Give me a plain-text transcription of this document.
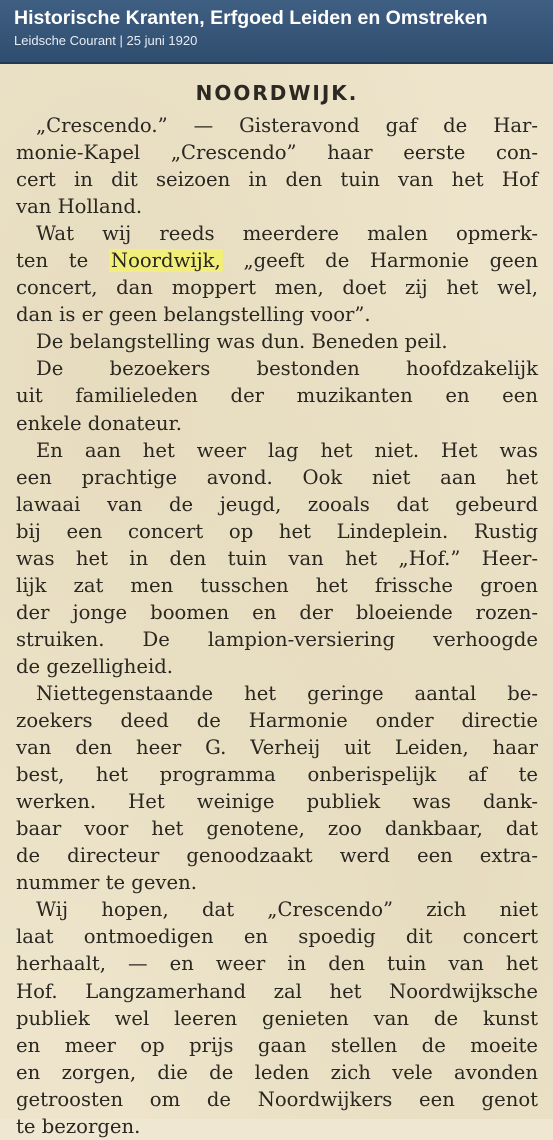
Historische Kranten, Erfgoed Leiden en Omstreken
Leidsche Courant | 25 juni 1920
NOORDWIJK.
„Crescendo.” — Gisteravond gaf de Har-
monie-Kapel „Crescendo” haar eerste con-
cert in dit seizoen in den tuin van het Hof
van Holland.
Wat wij reeds meerdere malen opmerk-
ten te Noordwijk, „geeft de Harmonie geen
concert, dan moppert men, doet zij het wel,
dan is er geen belangstelling voor”.
De belangstelling was dun. Beneden peil.
De bezoekers bestonden hoofdzakelijk
uit familieleden der muzikanten en een
enkele donateur.
En aan het weer lag het niet. Het was
een prachtige avond. Ook niet aan het
lawaai van de jeugd, zooals dat gebeurd
bij een concert op het Lindeplein. Rustig
was het in den tuin van het „Hof.” Heer-
lijk zat men tusschen het frissche groen
der jonge boomen en der bloeiende rozen-
struiken. De lampion-versiering verhoogde
de gezelligheid.
Niettegenstaande het geringe aantal be-
zoekers deed de Harmonie onder directie
van den heer G. Verheij uit Leiden, haar
best, het programma onberispelijk af te
werken. Het weinige publiek was dank-
baar voor het genotene, zoo dankbaar, dat
de directeur genoodzaakt werd een extra-
nummer te geven.
Wij hopen, dat „Crescendo” zich niet
laat ontmoedigen en spoedig dit concert
herhaalt, — en weer in den tuin van het
Hof. Langzamerhand zal het Noordwijksche
publiek wel leeren genieten van de kunst
en meer op prijs gaan stellen de moeite
en zorgen, die de leden zich vele avonden
getroosten om de Noordwijkers een genot
te bezorgen.
